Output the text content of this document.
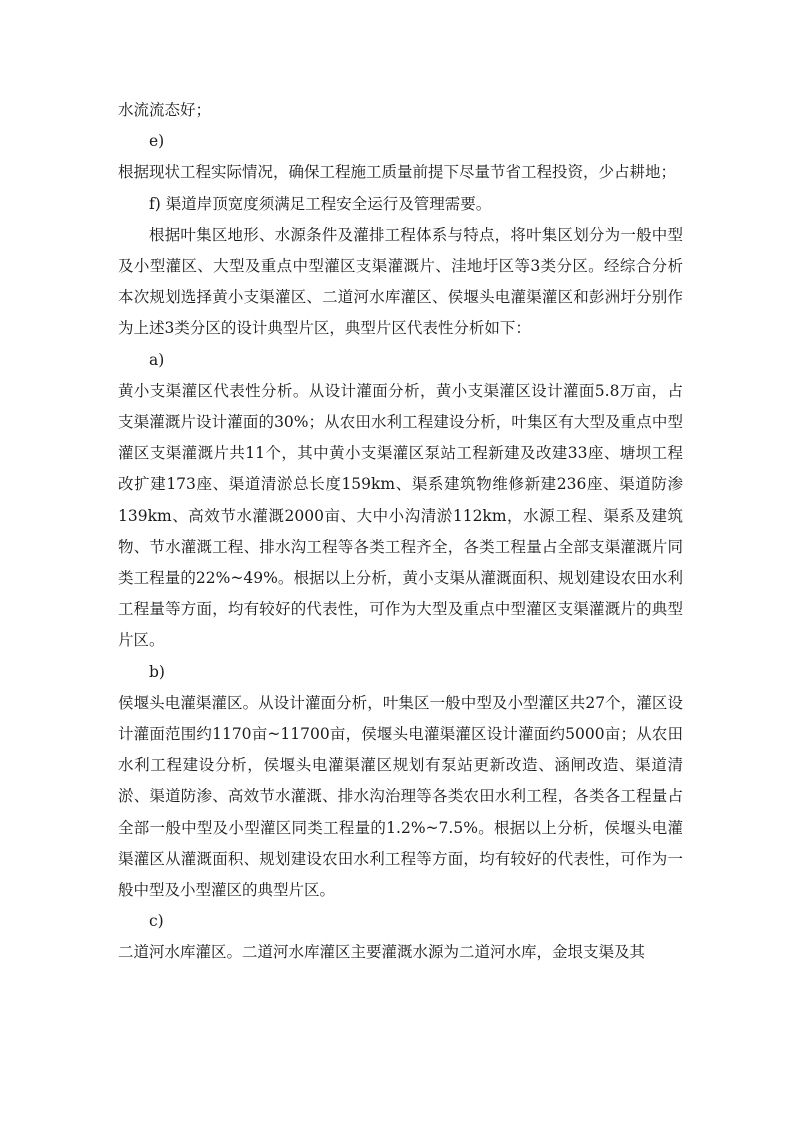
水流流态好；

e)

根据现状工程实际情况，确保工程施工质量前提下尽量节省工程投资，少占耕地；

f) 渠道岸顶宽度须满足工程安全运行及管理需要。

根据叶集区地形、水源条件及灌排工程体系与特点，将叶集区划分为一般中型及小型灌区、大型及重点中型灌区支渠灌溉片、洼地圩区等3类分区。经综合分析本次规划选择黄小支渠灌区、二道河水库灌区、侯堰头电灌渠灌区和彭洲圩分别作为上述3类分区的设计典型片区，典型片区代表性分析如下：

a)

黄小支渠灌区代表性分析。从设计灌面分析，黄小支渠灌区设计灌面5.8万亩，占支渠灌溉片设计灌面的30%；从农田水利工程建设分析，叶集区有大型及重点中型灌区支渠灌溉片共11个，其中黄小支渠灌区泵站工程新建及改建33座、塘坝工程改扩建173座、渠道清淤总长度159km、渠系建筑物维修新建236座、渠道防渗139km、高效节水灌溉2000亩、大中小沟清淤112km，水源工程、渠系及建筑物、节水灌溉工程、排水沟工程等各类工程齐全，各类工程量占全部支渠灌溉片同类工程量的22%~49%。根据以上分析，黄小支渠从灌溉面积、规划建设农田水利工程量等方面，均有较好的代表性，可作为大型及重点中型灌区支渠灌溉片的典型片区。

b)

侯堰头电灌渠灌区。从设计灌面分析，叶集区一般中型及小型灌区共27个，灌区设计灌面范围约1170亩~11700亩，侯堰头电灌渠灌区设计灌面约5000亩；从农田水利工程建设分析，侯堰头电灌渠灌区规划有泵站更新改造、涵闸改造、渠道清淤、渠道防渗、高效节水灌溉、排水沟治理等各类农田水利工程，各类各工程量占全部一般中型及小型灌区同类工程量的1.2%~7.5%。根据以上分析，侯堰头电灌渠灌区从灌溉面积、规划建设农田水利工程等方面，均有较好的代表性，可作为一般中型及小型灌区的典型片区。

c)

二道河水库灌区。二道河水库灌区主要灌溉水源为二道河水库，金垠支渠及其
